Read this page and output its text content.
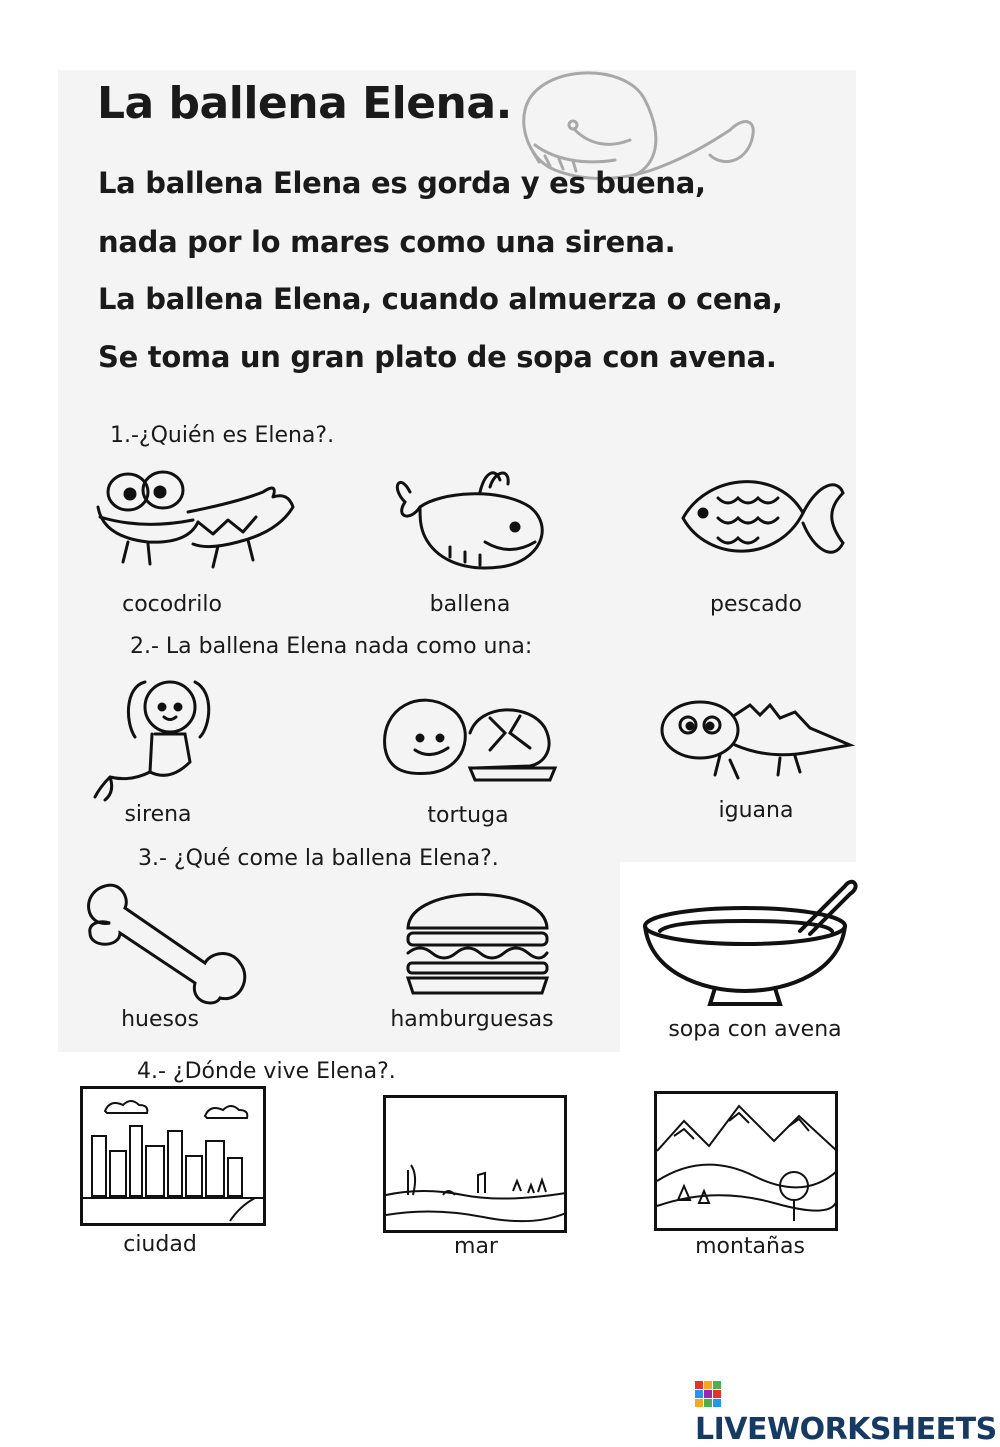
La ballena Elena.
La ballena Elena es gorda y es buena,
nada por lo mares como una sirena.
La ballena Elena, cuando almuerza o cena,
Se toma un gran plato de sopa con avena.
1.-¿Quién es Elena?.
cocodrilo	ballena	pescado
2.- La ballena Elena nada como una:
sirena	tortuga	iguana
3.- ¿Qué come la ballena Elena?.
huesos	hamburguesas	sopa con avena
4.- ¿Dónde vive Elena?.
ciudad	mar	montañas
LIVEWORKSHEETS
